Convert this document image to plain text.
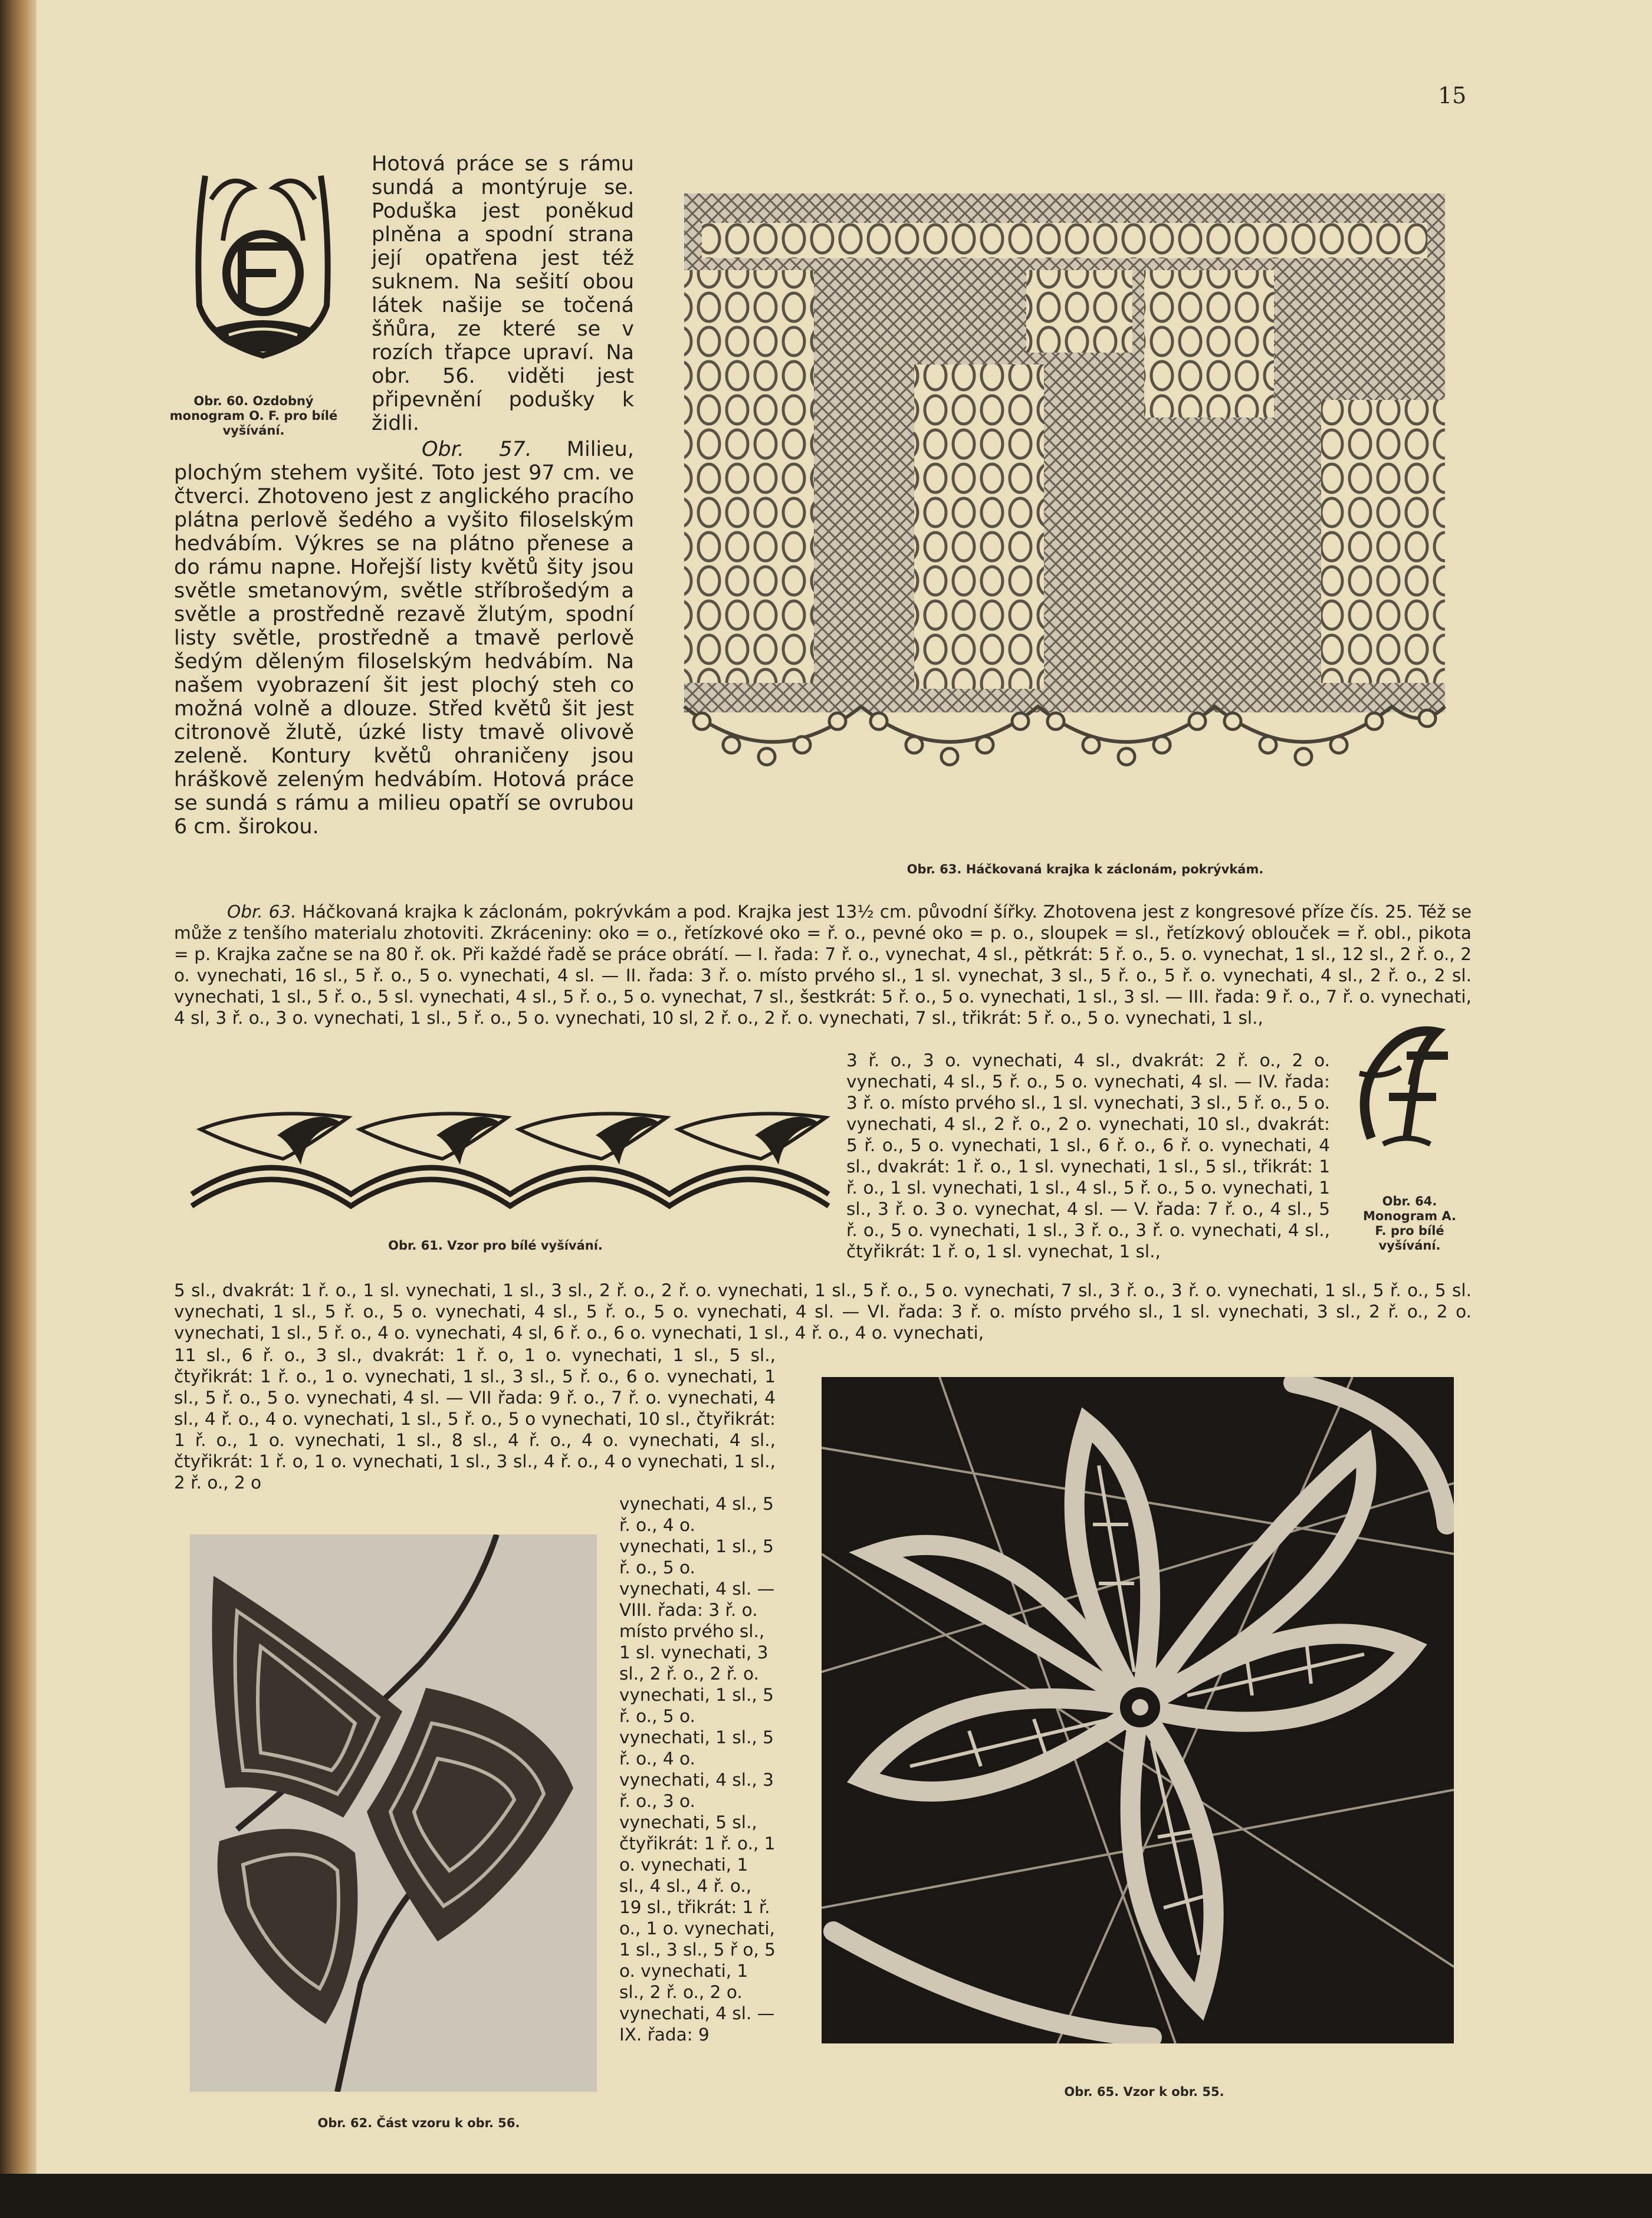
15
Obr. 60. Ozdobný monogram O. F. pro bílé vyšívání.
Hotová práce se s rámu sundá a montýruje se. Poduška jest poněkud plněna a spodní strana její opatřena jest též suknem. Na sešití obou látek našije se točená šňůra, ze které se v rozích třapce upraví. Na obr. 56. viděti jest připevnění podušky k židli.
Obr. 57. Milieu, plochým stehem vyšité. Toto jest 97 cm. ve čtverci. Zhotoveno jest z anglického pracího plátna perlově šedého a vyšito filoselským hedvábím. Výkres se na plátno přenese a do rámu napne. Hořejší listy květů šity jsou světle smetanovým, světle stříbrošedým a světle a prostředně rezavě žlutým, spodní listy světle, prostředně a tmavě perlově šedým děleným filoselským hedvábím. Na našem vyobrazení šit jest plochý steh co možná volně a dlouze. Střed květů šit jest citronově žlutě, úzké listy tmavě olivově zeleně. Kontury květů ohraničeny jsou hráškově zeleným hedvábím. Hotová práce se sundá s rámu a milieu opatří se ovrubou 6 cm. širokou.
Obr. 63. Háčkovaná krajka k záclonám, pokrývkám.
Obr. 63. Háčkovaná krajka k záclonám, pokrývkám a pod. Krajka jest 13½ cm. původní šířky. Zhotovena jest z kongresové příze čís. 25. Též se může z tenšího materialu zhotoviti. Zkráceniny: oko = o., řetízkové oko = ř. o., pevné oko = p. o., sloupek = sl., řetízkový oblouček = ř. obl., pikota = p. Krajka začne se na 80 ř. ok. Při každé řadě se práce obrátí. — I. řada: 7 ř. o., vynechat, 4 sl., pětkrát: 5 ř. o., 5. o. vynechat, 1 sl., 12 sl., 2 ř. o., 2 o. vynechati, 16 sl., 5 ř. o., 5 o. vynechati, 4 sl. — II. řada: 3 ř. o. místo prvého sl., 1 sl. vynechat, 3 sl., 5 ř. o., 5 ř. o. vynechati, 4 sl., 2 ř. o., 2 sl. vynechati, 1 sl., 5 ř. o., 5 sl. vynechati, 4 sl., 5 ř. o., 5 o. vynechat, 7 sl., šestkrát: 5 ř. o., 5 o. vynechati, 1 sl., 3 sl. — III. řada: 9 ř. o., 7 ř. o. vynechati, 4 sl, 3 ř. o., 3 o. vynechati, 1 sl., 5 ř. o., 5 o. vynechati, 10 sl, 2 ř. o., 2 ř. o. vynechati, 7 sl., třikrát: 5 ř. o., 5 o. vynechati, 1 sl.,
Obr. 61. Vzor pro bílé vyšívání.
3 ř. o., 3 o. vynechati, 4 sl., dvakrát: 2 ř. o., 2 o. vynechati, 4 sl., 5 ř. o., 5 o. vynechati, 4 sl. — IV. řada: 3 ř. o. místo prvého sl., 1 sl. vynechati, 3 sl., 5 ř. o., 5 o. vynechati, 4 sl., 2 ř. o., 2 o. vynechati, 10 sl., dvakrát: 5 ř. o., 5 o. vynechati, 1 sl., 6 ř. o., 6 ř. o. vynechati, 4 sl., dvakrát: 1 ř. o., 1 sl. vynechati, 1 sl., 5 sl., třikrát: 1 ř. o., 1 sl. vynechati, 1 sl., 4 sl., 5 ř. o., 5 o. vynechati, 1 sl., 3 ř. o. 3 o. vynechat, 4 sl. — V. řada: 7 ř. o., 4 sl., 5 ř. o., 5 o. vynechati, 1 sl., 3 ř. o., 3 ř. o. vynechati, 4 sl., čtyřikrát: 1 ř. o, 1 sl. vynechat, 1 sl.,
Obr. 64. Monogram A. F. pro bílé vyšívání.
5 sl., dvakrát: 1 ř. o., 1 sl. vynechati, 1 sl., 3 sl., 2 ř. o., 2 ř. o. vynechati, 1 sl., 5 ř. o., 5 o. vynechati, 7 sl., 3 ř. o., 3 ř. o. vynechati, 1 sl., 5 ř. o., 5 sl. vynechati, 1 sl., 5 ř. o., 5 o. vynechati, 4 sl., 5 ř. o., 5 o. vynechati, 4 sl. — VI. řada: 3 ř. o. místo prvého sl., 1 sl. vynechati, 3 sl., 2 ř. o., 2 o. vynechati, 1 sl., 5 ř. o., 4 o. vynechati, 4 sl, 6 ř. o., 6 o. vynechati, 1 sl., 4 ř. o., 4 o. vynechati,
11 sl., 6 ř. o., 3 sl., dvakrát: 1 ř. o, 1 o. vynechati, 1 sl., 5 sl., čtyřikrát: 1 ř. o., 1 o. vynechati, 1 sl., 3 sl., 5 ř. o., 6 o. vynechati, 1 sl., 5 ř. o., 5 o. vynechati, 4 sl. — VII řada: 9 ř. o., 7 ř. o. vynechati, 4 sl., 4 ř. o., 4 o. vynechati, 1 sl., 5 ř. o., 5 o vynechati, 10 sl., čtyřikrát: 1 ř. o., 1 o. vynechati, 1 sl., 8 sl., 4 ř. o., 4 o. vynechati, 4 sl., čtyřikrát: 1 ř. o, 1 o. vynechati, 1 sl., 3 sl., 4 ř. o., 4 o vynechati, 1 sl., 2 ř. o., 2 o
vynechati, 4 sl., 5 ř. o., 4 o. vynechati, 1 sl., 5 ř. o., 5 o. vynechati, 4 sl. — VIII. řada: 3 ř. o. místo prvého sl., 1 sl. vynechati, 3 sl., 2 ř. o., 2 ř. o. vynechati, 1 sl., 5 ř. o., 5 o. vynechati, 1 sl., 5 ř. o., 4 o. vynechati, 4 sl., 3 ř. o., 3 o. vynechati, 5 sl., čtyřikrát: 1 ř. o., 1 o. vynechati, 1 sl., 4 sl., 4 ř. o., 19 sl., třikrát: 1 ř. o., 1 o. vynechati, 1 sl., 3 sl., 5 ř o, 5 o. vynechati, 1 sl., 2 ř. o., 2 o. vynechati, 4 sl. — IX. řada: 9
Obr. 62. Část vzoru k obr. 56.
Obr. 65. Vzor k obr. 55.
